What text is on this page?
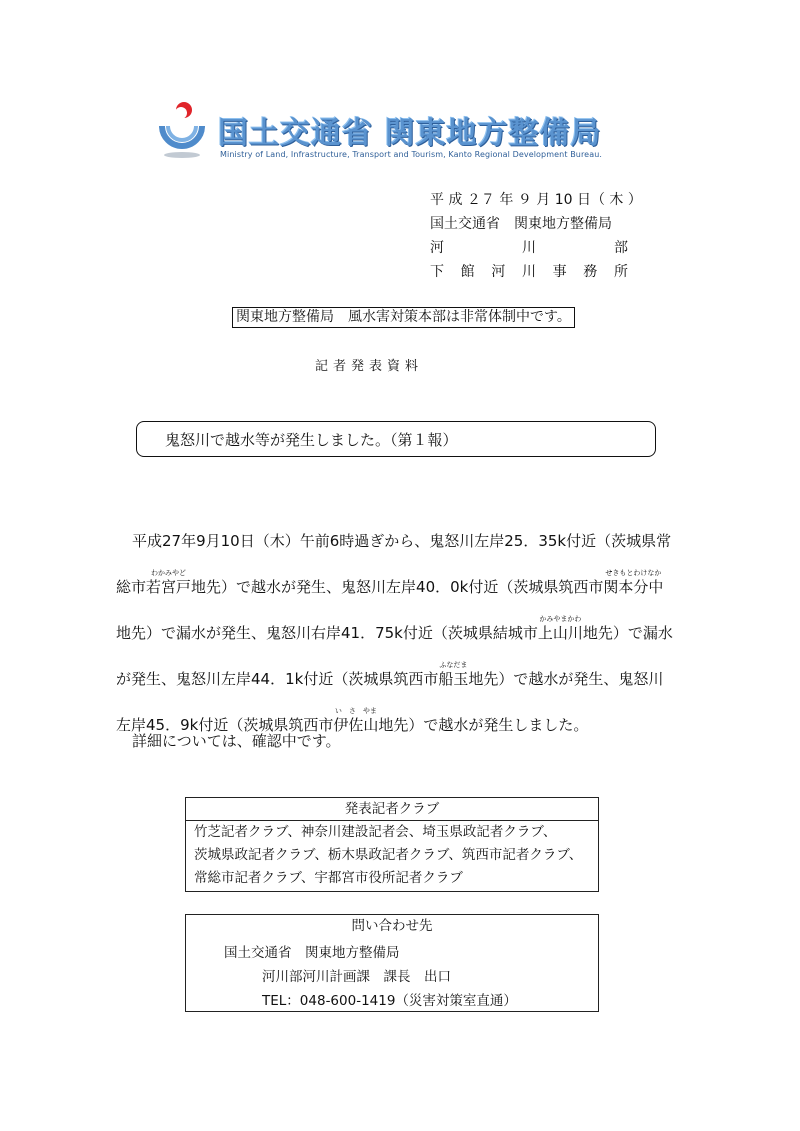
国土交通省 関東地方整備局
Ministry of Land, Infrastructure, Transport and Tourism, Kanto Regional Development Bureau.
平 成 ２７ 年 ９ 月 10 日（ 木 ）
国土交通省　関東地方整備局
河	川	部
下 館 河 川 事 務 所
関東地方整備局　風水害対策本部は非常体制中です。
記者発表資料
鬼怒川で越水等が発生しました。（第１報）
平成27年9月10日（木）午前6時過ぎから、鬼怒川左岸25．35k付近（茨城県常
総市
わかみやど
若宮戸地先）で越水が発生、鬼怒川左岸40．0k付近（茨城県筑西市
せきもとわけなか
関本分中
地先）で漏水が発生、鬼怒川右岸41．75k付近（茨城県結城市
かみやまかわ
上山川地先）で漏水
が発生、鬼怒川左岸44．1k付近（茨城県筑西市
ふなだま
船玉地先）で越水が発生、鬼怒川
左岸45．9k付近（茨城県筑西市
い　さ　やま
伊佐山地先）で越水が発生しました。
詳細については、確認中です。
発表記者クラブ
竹芝記者クラブ、神奈川建設記者会、埼玉県政記者クラブ、
茨城県政記者クラブ、栃木県政記者クラブ、筑西市記者クラブ、
常総市記者クラブ、宇都宮市役所記者クラブ
問い合わせ先
国土交通省　関東地方整備局
河川部河川計画課　課長　出口
TEL：048-600-1419（災害対策室直通）
